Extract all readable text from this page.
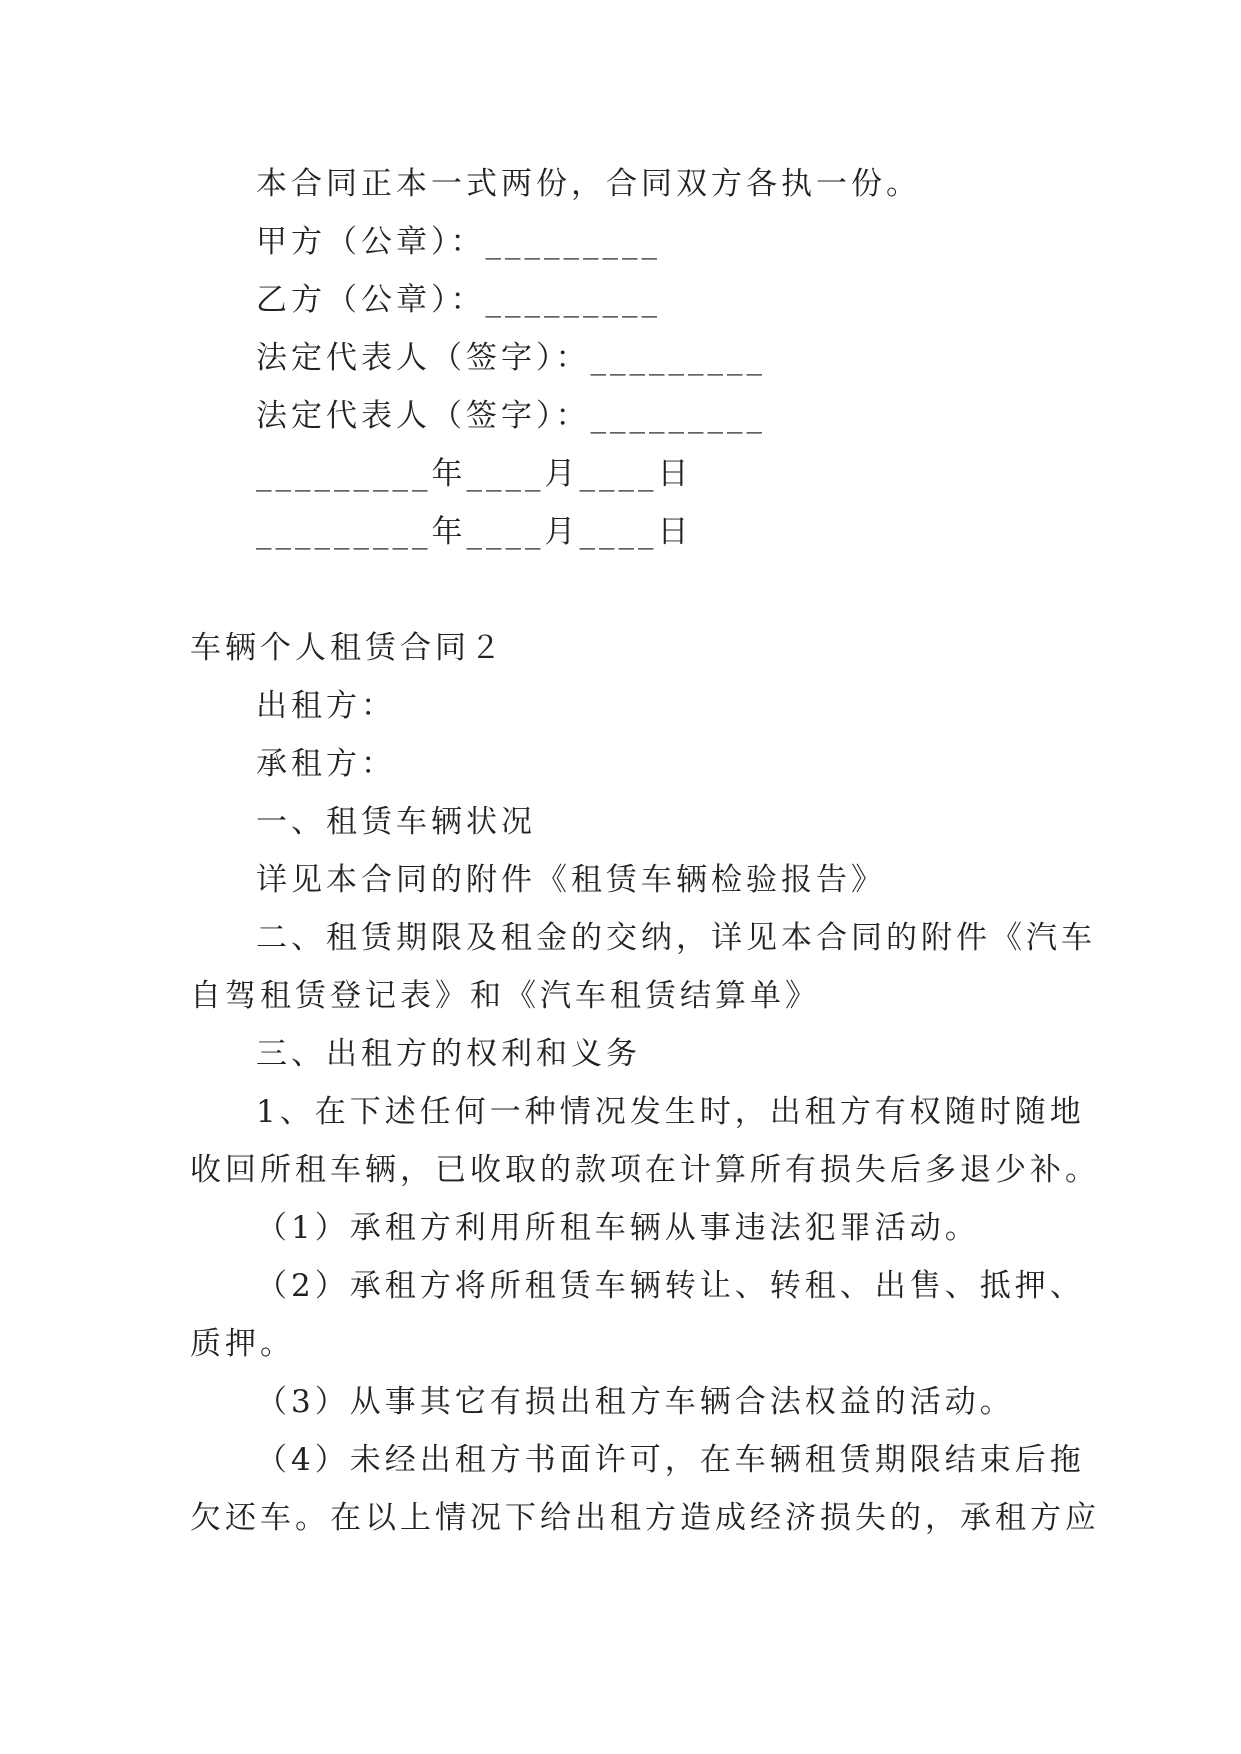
本合同正本一式两份，合同双方各执一份。
甲方（公章）：_________
乙方（公章）：_________
法定代表人（签字）：_________
法定代表人（签字）：_________
_________年____月____日
_________年____月____日
车辆个人租赁合同２
出租方：
承租方：
一、租赁车辆状况
详见本合同的附件《租赁车辆检验报告》
二、租赁期限及租金的交纳，详见本合同的附件《汽车
自驾租赁登记表》和《汽车租赁结算单》
三、出租方的权利和义务
1、在下述任何一种情况发生时，出租方有权随时随地
收回所租车辆，已收取的款项在计算所有损失后多退少补。
（1）承租方利用所租车辆从事违法犯罪活动。
（2）承租方将所租赁车辆转让、转租、出售、抵押、
质押。
（3）从事其它有损出租方车辆合法权益的活动。
（4）未经出租方书面许可，在车辆租赁期限结束后拖
欠还车。在以上情况下给出租方造成经济损失的，承租方应
